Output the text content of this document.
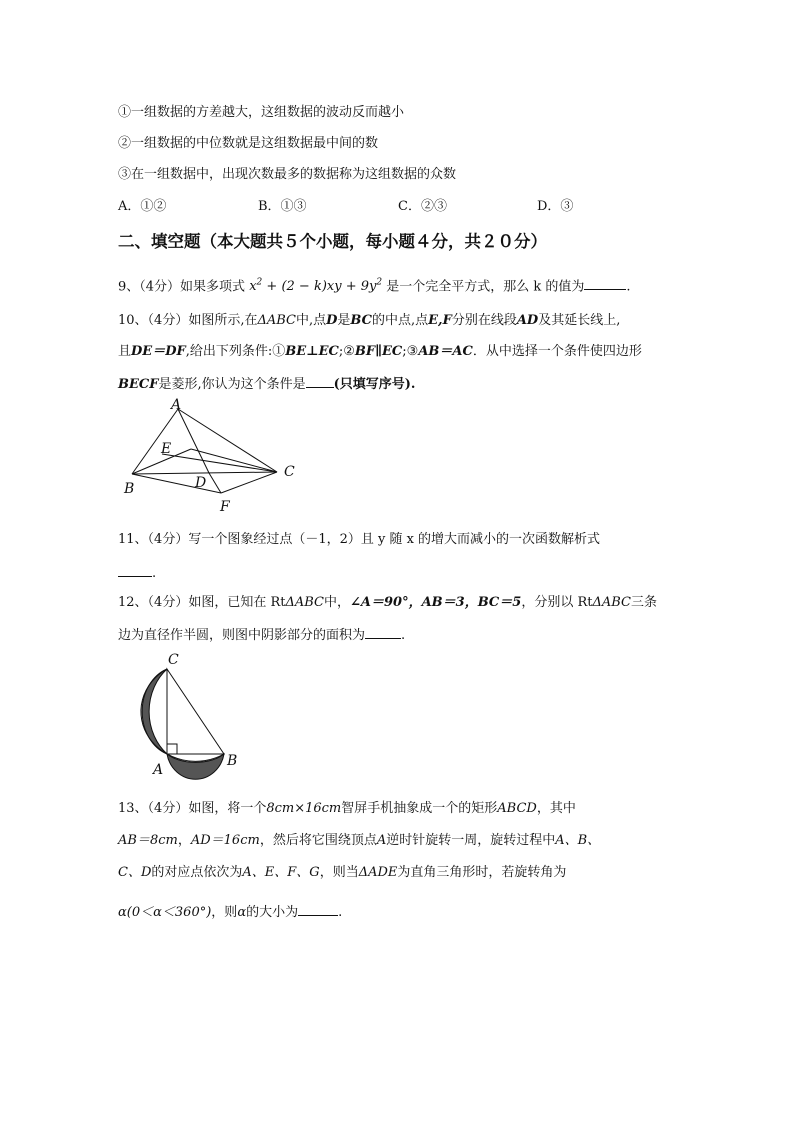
①一组数据的方差越大，这组数据的波动反而越小
②一组数据的中位数就是这组数据最中间的数
③在一组数据中，出现次数最多的数据称为这组数据的众数
A．①②	B．①③	C．②③	D．③
二、填空题（本大题共５个小题，每小题４分，共２０分）
9、（4分）如果多项式 $x^2 + (2 - k)xy + 9y^2$ 是一个完全平方式，那么 k 的值为	.
10、（4分）如图所示,在ΔABC中,点D是BC的中点,点E,F分别在线段AD及其延长线上,
且DE＝DF,给出下列条件:①BE⊥EC;②BF∥EC;③AB＝AC．从中选择一个条件使四边形
BECF是菱形,你认为这个条件是 (只填写序号).
A
E
B	D
C
F
11、（4分）写一个图象经过点（－1，2）且 y 随 x 的增大而减小的一次函数解析式
.
12、（4分）如图，已知在 RtΔABC中，∠A＝90°，AB＝3，BC＝5，分别以 RtΔABC三条
边为直径作半圆，则图中阴影部分的面积为	.
C
A
B
13、（4分）如图，将一个8cm×16cm智屏手机抽象成一个的矩形ABCD，其中
AB＝8cm，AD＝16cm，然后将它围绕顶点A逆时针旋转一周，旋转过程中A、B、
C、D的对应点依次为A、E、F、G，则当ΔADE为直角三角形时，若旋转角为
α(0＜α＜360°)，则α的大小为	.
